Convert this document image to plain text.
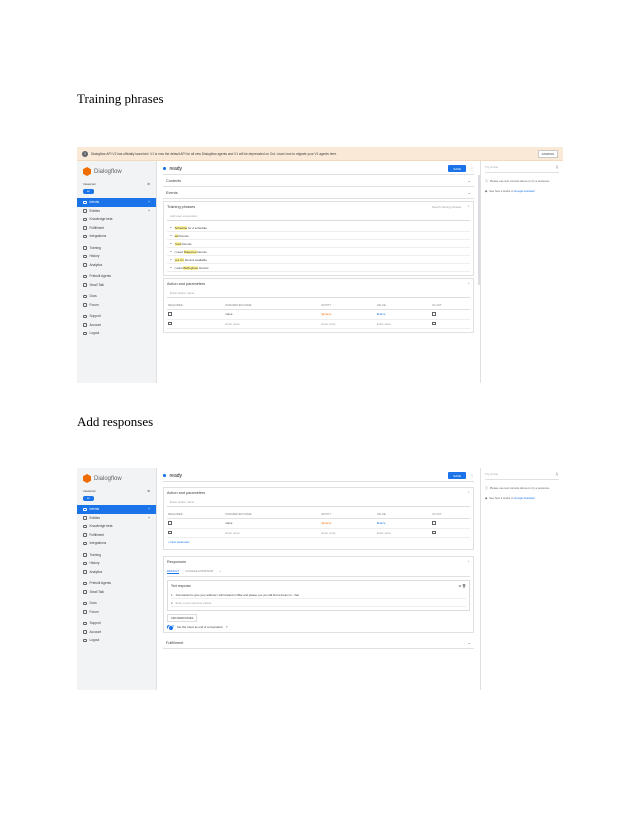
Training phrases
!	Dialogflow API V2 has officially launched. V1 is now the default API for all new Dialogflow agents and V1 will be deprecated on Oct. Learn how to migrate your V1 agents here.	DISMISS
Dialogflow
travelcom	⚙
en
Intents	+
Entities	+
Knowledge beta
Fulfillment
Integrations
Training
History
Analytics
Prebuilt Agents
Small Talk
Docs
Forum
Support
Account
Logout
ready	SAVE	⋮
Contexts	⌄
Events	⌄
Training phrases	Search training phrases ⌃
Add user expression
❝ Schedule for a schedule
❝ tell Dennis
❝ Yeah Dennis
❝ I need Diagnose Dennis
❝ yes I'm Dennis available
❝ I want Bellingham Dennis
Action and parameters	⌃
Enter action name
REQUIRED	PARAMETER NAME	ENTITY	VALUE	IS LIST
	name	@name	$name	
	Enter name	Enter entity	Enter value	
Try it now	🎙
ⓘ Please use test console above to try a sentence.
◆ See how it works in Google Assistant
Add responses
Dialogflow
travelcom	⚙
en
Intents	+
Entities	+
Knowledge beta
Fulfillment
Integrations
Training
History
Analytics
Prebuilt Agents
Small Talk
Docs
Forum
Support
Account
Logout
ready	SAVE	⋮
Action and parameters	⌃
Enter action name
REQUIRED	PARAMETER NAME	ENTITY	VALUE	IS LIST
	name	@name	$name	
	Enter name	Enter entity	Enter value	
+ New parameter
Responses	⌃
DEFAULT GOOGLE ASSISTANT +
Text response	⧉ 🗑
1 Just wanted to give your address I will forward to Mike and please you you will find a dream to - that
2 Enter a text response variant
ADD RESPONSES
Set this intent as end of conversation ?
Fulfillment	⌄
Try it now	🎙
ⓘ Please use test console above to try a sentence.
◆ See how it works in Google Assistant
